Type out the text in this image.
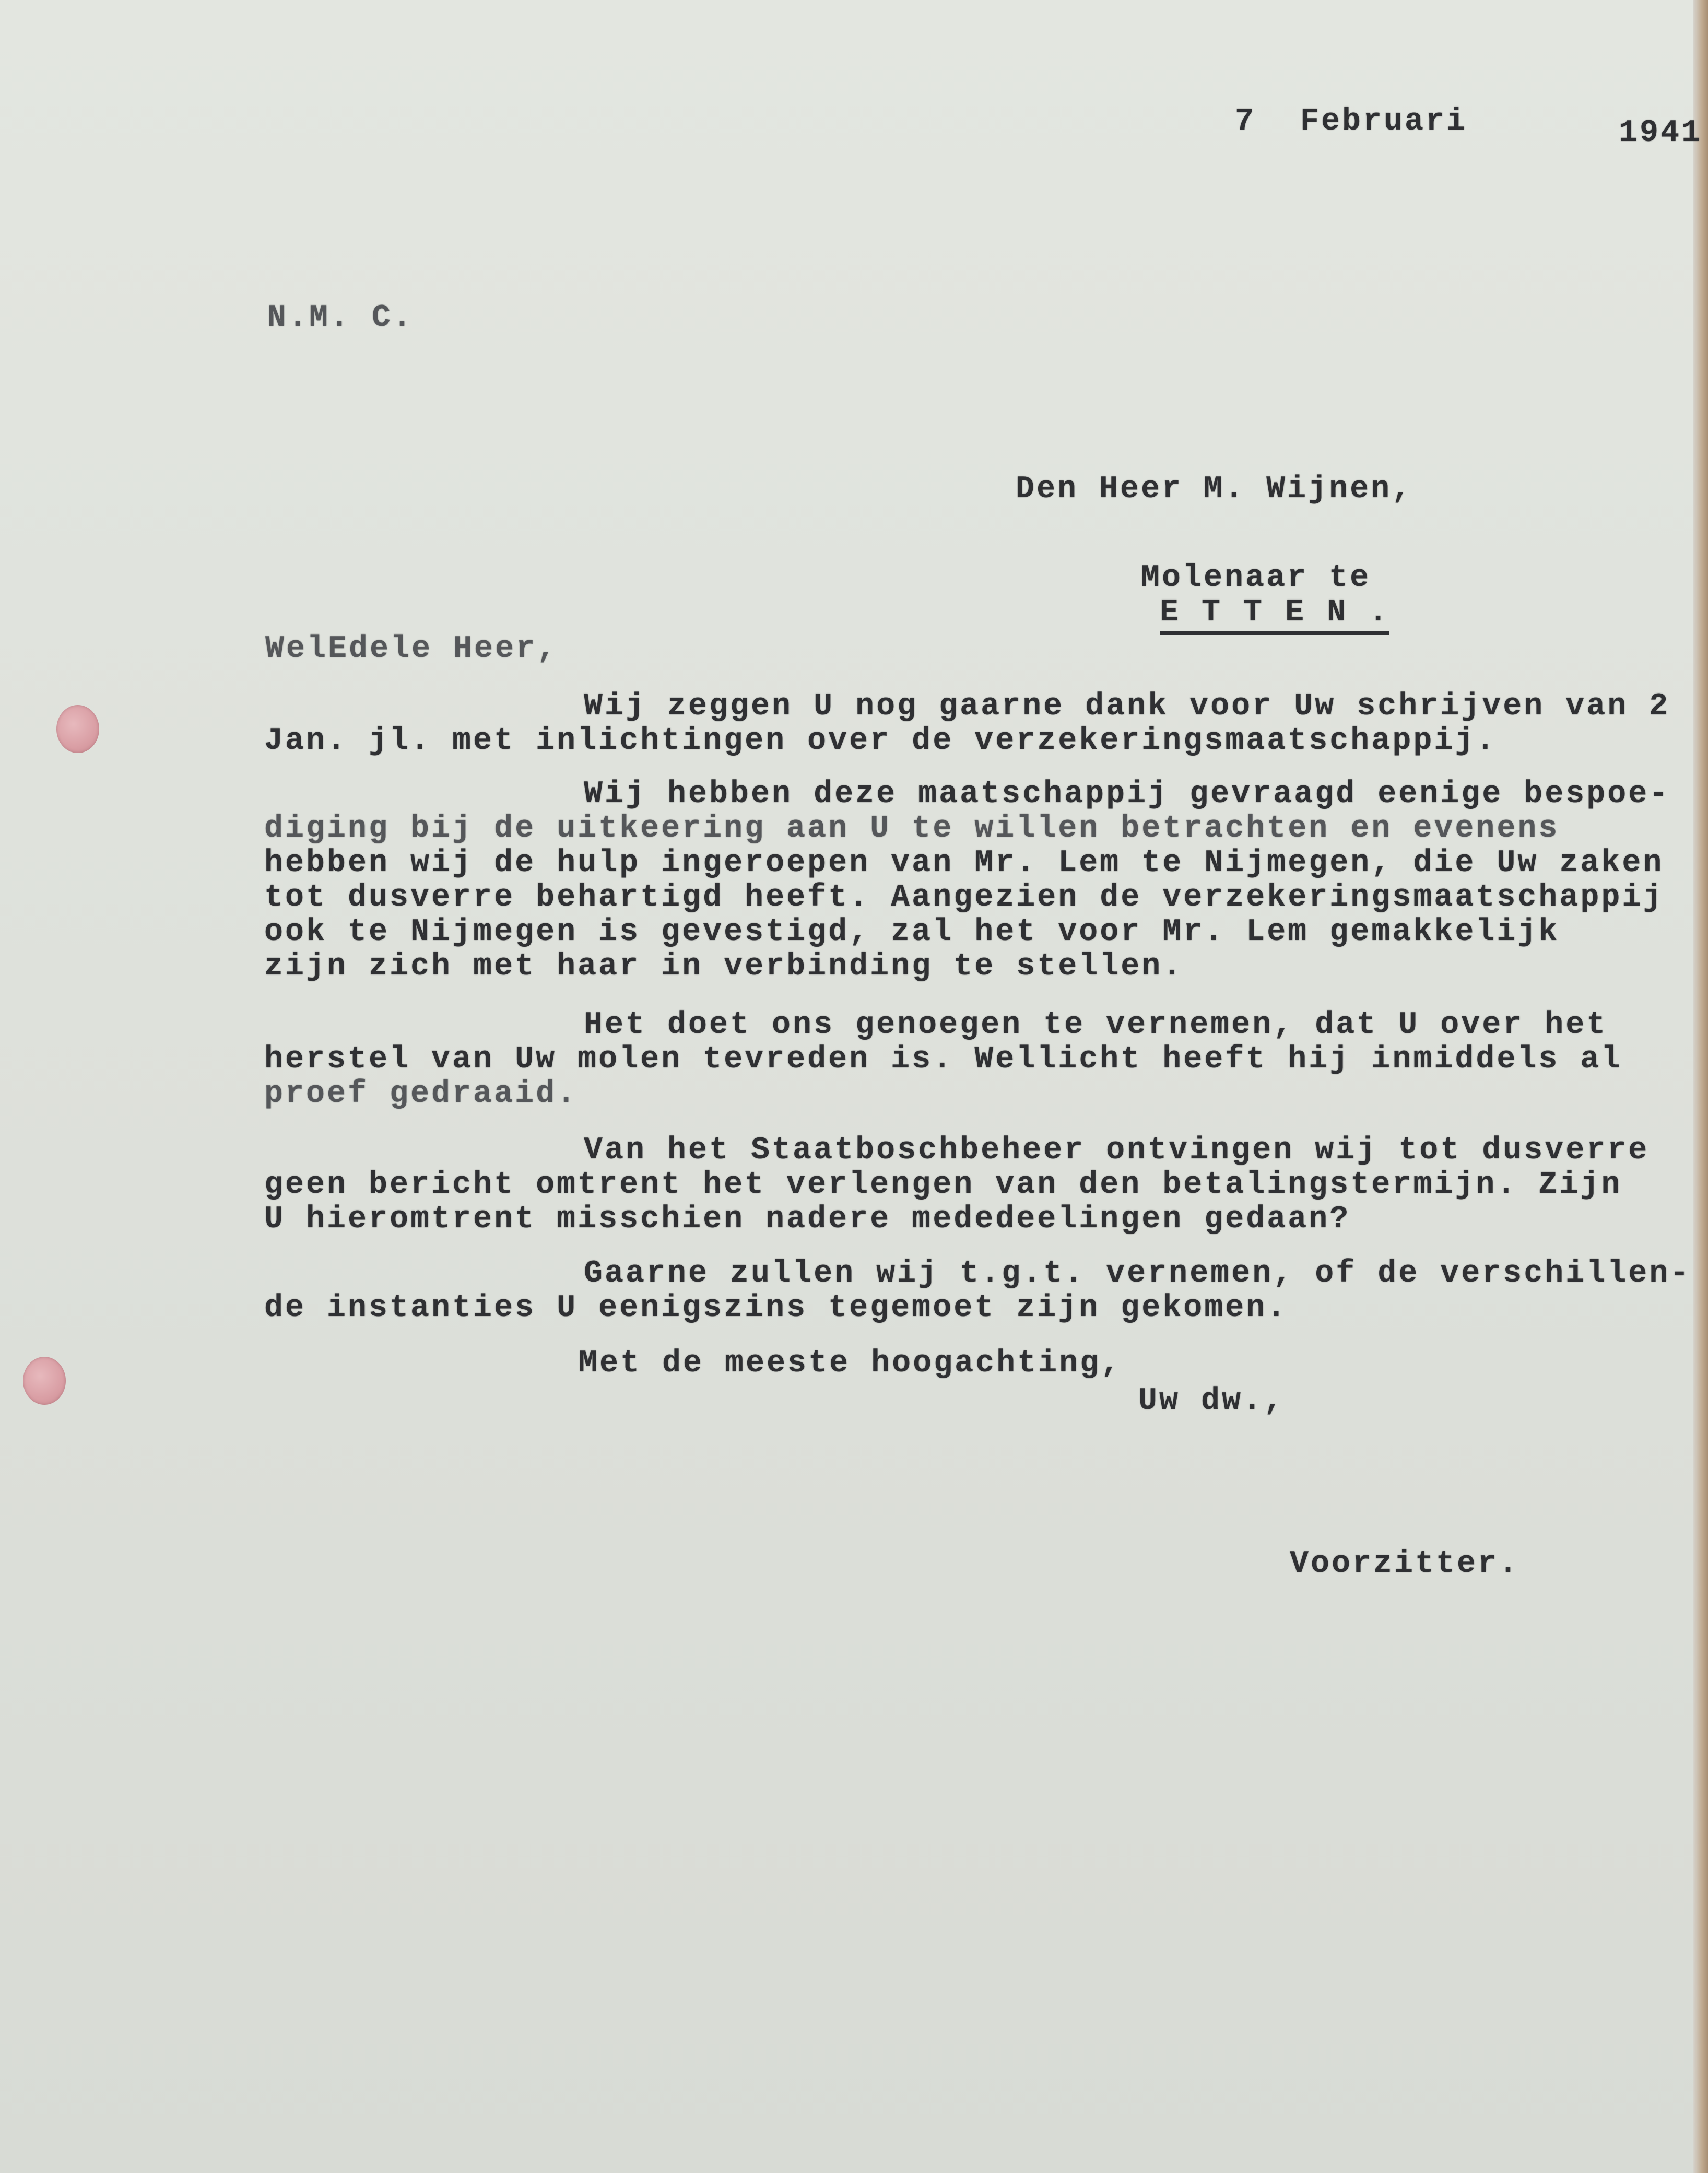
7 Februari	1941
N.M. C.
Den Heer M. Wijnen,

Molenaar te
E T T E N .

WelEdele Heer,
Wij zeggen U nog gaarne dank voor Uw schrijven van 2
Jan. jl. met inlichtingen over de verzekeringsmaatschappij.
Wij hebben deze maatschappij gevraagd eenige bespoe-
diging bij de uitkeering aan U te willen betrachten en evenens
hebben wij de hulp ingeroepen van Mr. Lem te Nijmegen, die Uw zaken
tot dusverre behartigd heeft. Aangezien de verzekeringsmaatschappij
ook te Nijmegen is gevestigd, zal het voor Mr. Lem gemakkelijk
zijn zich met haar in verbinding te stellen.
Het doet ons genoegen te vernemen, dat U over het
herstel van Uw molen tevreden is. Wellicht heeft hij inmiddels al
proef gedraaid.
Van het Staatboschbeheer ontvingen wij tot dusverre
geen bericht omtrent het verlengen van den betalingstermijn. Zijn
U hieromtrent misschien nadere mededeelingen gedaan?
Gaarne zullen wij t.g.t. vernemen, of de verschillen-
de instanties U eenigszins tegemoet zijn gekomen.
Met de meeste hoogachting,
Uw dw.,
Voorzitter.
